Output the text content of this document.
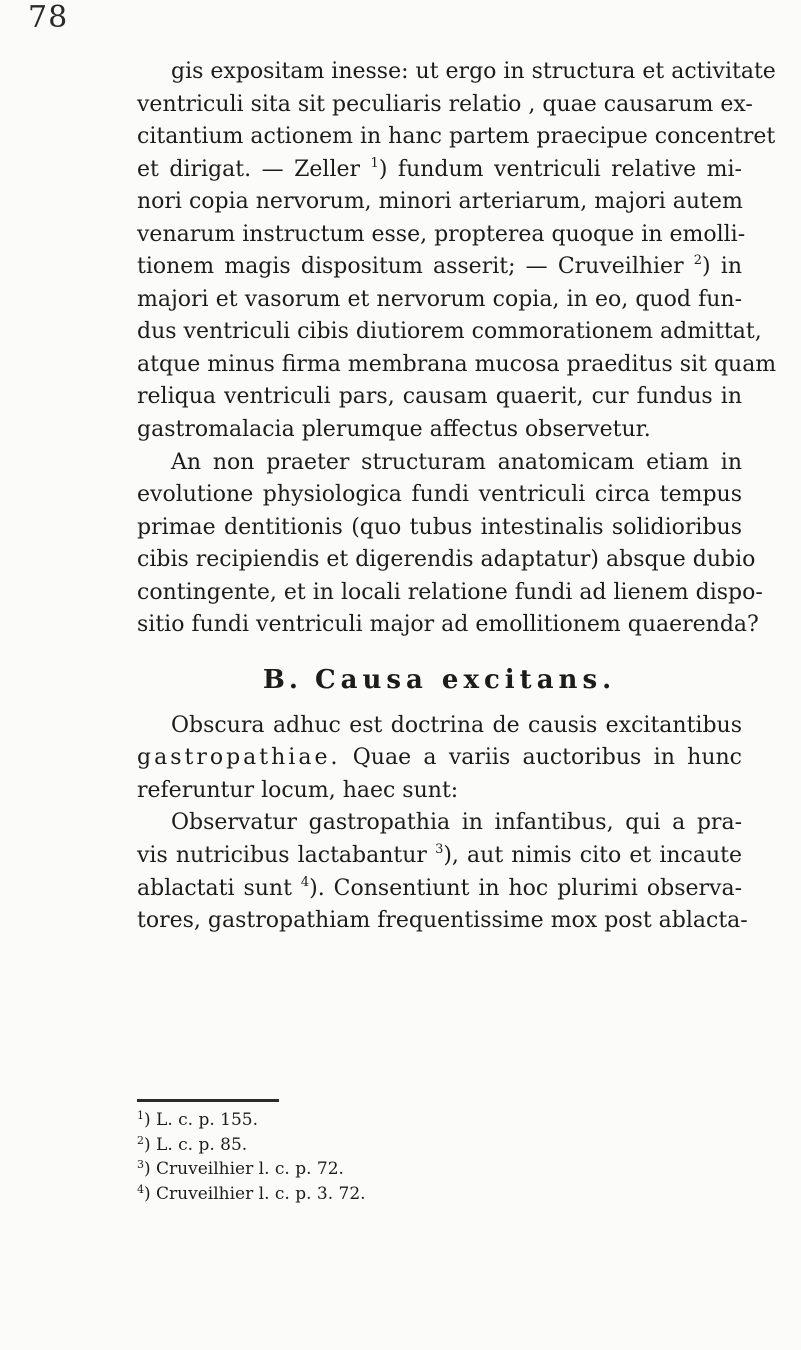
78
gis expositam inesse: ut ergo in structura et activitate
ventriculi sita sit peculiaris relatio , quae causarum ex-
citantium actionem in hanc partem praecipue concentret
et dirigat. — Zeller $^1$) fundum ventriculi relative mi-
nori copia nervorum, minori arteriarum, majori autem
venarum instructum esse, propterea quoque in emolli-
tionem magis dispositum asserit; — Cruveilhier $^2$) in
majori et vasorum et nervorum copia, in eo, quod fun-
dus ventriculi cibis diutiorem commorationem admittat,
atque minus firma membrana mucosa praeditus sit quam
reliqua ventriculi pars, causam quaerit, cur fundus in
gastromalacia plerumque affectus observetur.
An non praeter structuram anatomicam etiam in
evolutione physiologica fundi ventriculi circa tempus
primae dentitionis (quo tubus intestinalis solidioribus
cibis recipiendis et digerendis adaptatur) absque dubio
contingente, et in locali relatione fundi ad lienem dispo-
sitio fundi ventriculi major ad emollitionem quaerenda?
B. Causa excitans.
Obscura adhuc est doctrina de causis excitantibus
gastropathiae. Quae a variis auctoribus in hunc
referuntur locum, haec sunt:
Observatur gastropathia in infantibus, qui a pra-
vis nutricibus lactabantur $^3$), aut nimis cito et incaute
ablactati sunt $^4$). Consentiunt in hoc plurimi observa-
tores, gastropathiam frequentissime mox post ablacta-
$^1$) L. c. p. 155.
$^2$) L. c. p. 85.
$^3$) Cruveilhier l. c. p. 72.
$^4$) Cruveilhier l. c. p. 3. 72.
